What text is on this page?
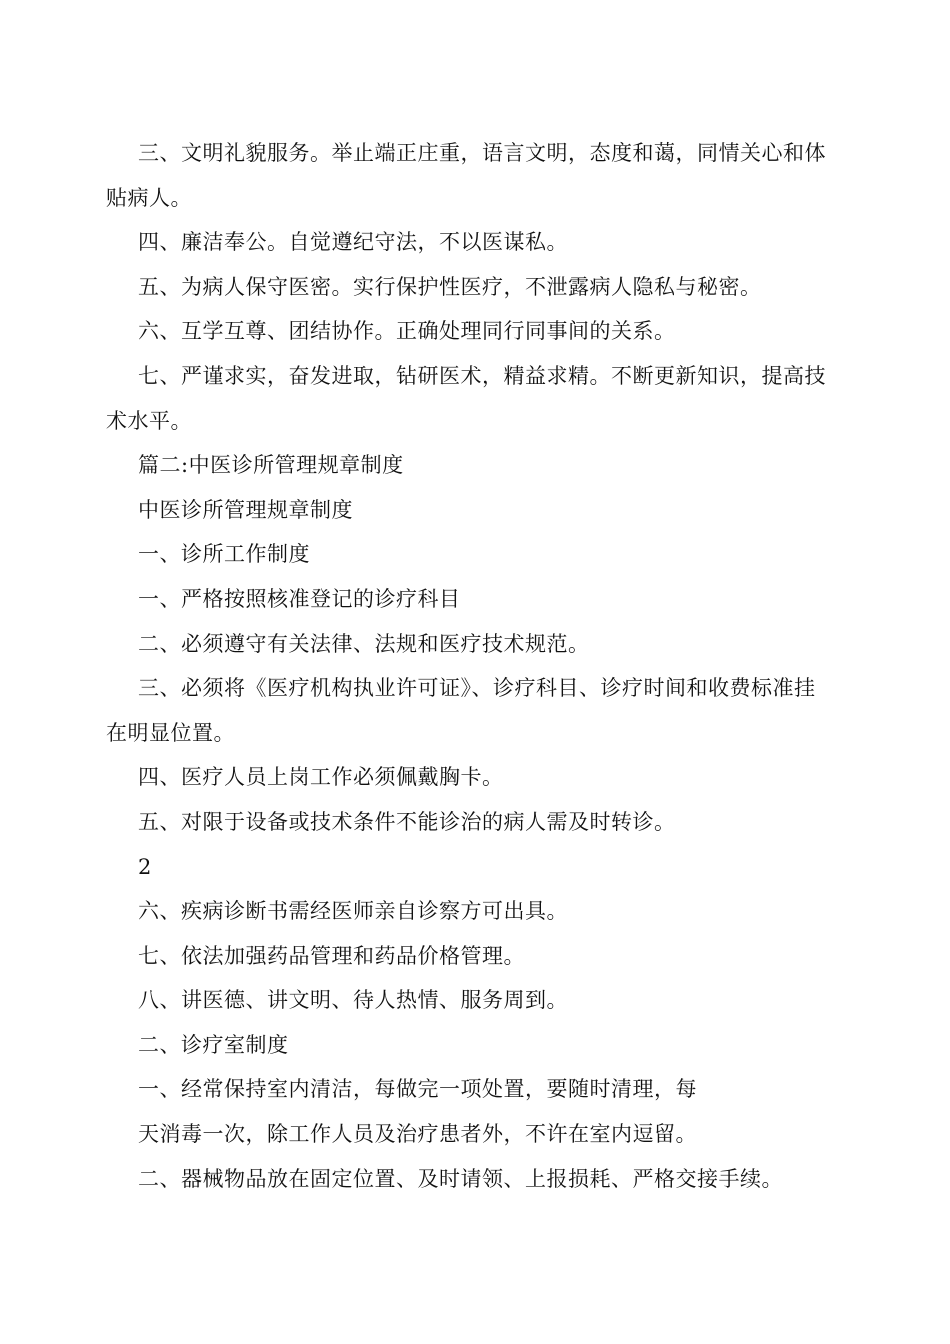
三、文明礼貌服务。举止端正庄重，语言文明，态度和蔼，同情关心和体

贴病人。

四、廉洁奉公。自觉遵纪守法，不以医谋私。

五、为病人保守医密。实行保护性医疗，不泄露病人隐私与秘密。

六、互学互尊、团结协作。正确处理同行同事间的关系。

七、严谨求实，奋发进取，钻研医术，精益求精。不断更新知识，提高技

术水平。

篇二:中医诊所管理规章制度

中医诊所管理规章制度

一、诊所工作制度

一、严格按照核准登记的诊疗科目

二、必须遵守有关法律、法规和医疗技术规范。

三、必须将《医疗机构执业许可证》、诊疗科目、诊疗时间和收费标准挂

在明显位置。

四、医疗人员上岗工作必须佩戴胸卡。

五、对限于设备或技术条件不能诊治的病人需及时转诊。

2

六、疾病诊断书需经医师亲自诊察方可出具。

七、依法加强药品管理和药品价格管理。

八、讲医德、讲文明、待人热情、服务周到。

二、诊疗室制度

一、经常保持室内清洁，每做完一项处置，要随时清理，每

天消毒一次，除工作人员及治疗患者外，不许在室内逗留。

二、器械物品放在固定位置、及时请领、上报损耗、严格交接手续。
